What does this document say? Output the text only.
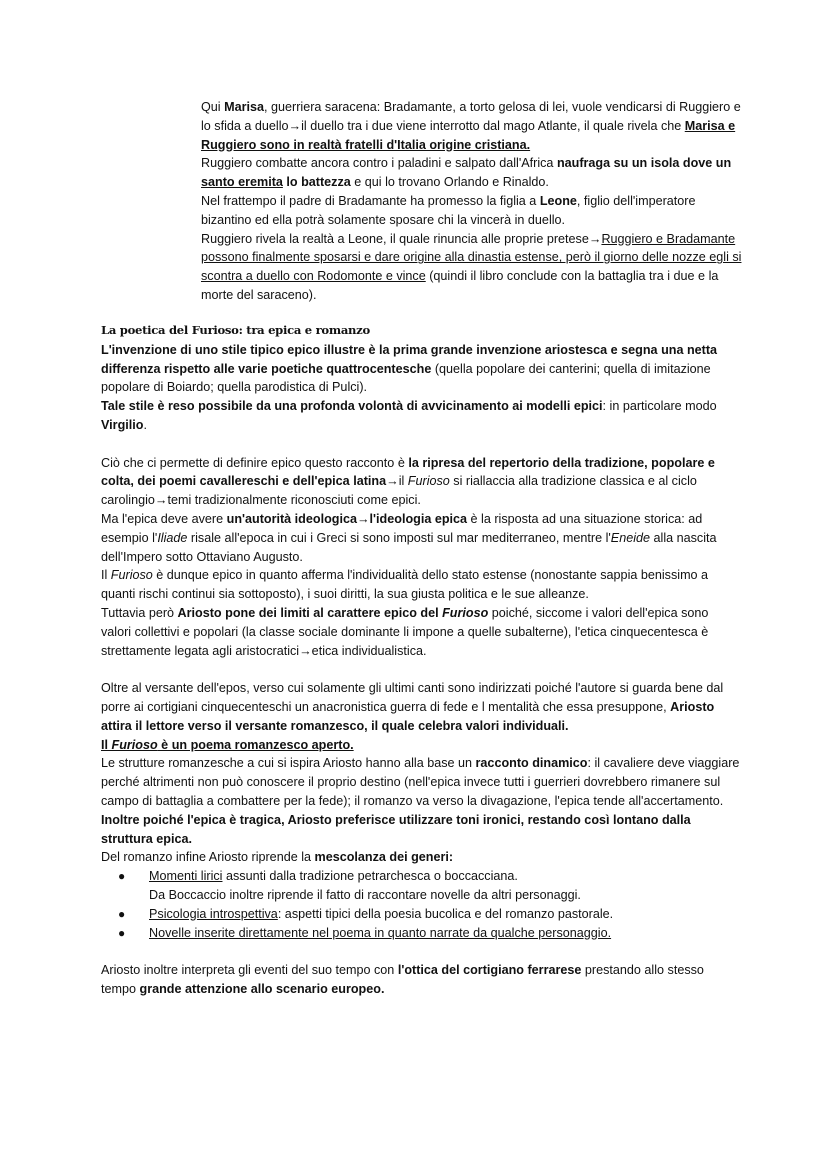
Qui Marisa, guerriera saracena: Bradamante, a torto gelosa di lei, vuole vendicarsi di Ruggiero e lo sfida a duello→il duello tra i due viene interrotto dal mago Atlante, il quale rivela che Marisa e Ruggiero sono in realtà fratelli d'Italia origine cristiana.

Ruggiero combatte ancora contro i paladini e salpato dall'Africa naufraga su un isola dove un santo eremita lo battezza e qui lo trovano Orlando e Rinaldo.

Nel frattempo il padre di Bradamante ha promesso la figlia a Leone, figlio dell'imperatore bizantino ed ella potrà solamente sposare chi la vincerà in duello.

Ruggiero rivela la realtà a Leone, il quale rinuncia alle proprie pretese→Ruggiero e Bradamante possono finalmente sposarsi e dare origine alla dinastia estense, però il giorno delle nozze egli si scontra a duello con Rodomonte e vince (quindi il libro conclude con la battaglia tra i due e la morte del saraceno).

La poetica del Furioso: tra epica e romanzo

L'invenzione di uno stile tipico epico illustre è la prima grande invenzione ariostesca e segna una netta differenza rispetto alle varie poetiche quattrocentesche (quella popolare dei canterini; quella di imitazione popolare di Boiardo; quella parodistica di Pulci).

Tale stile è reso possibile da una profonda volontà di avvicinamento ai modelli epici: in particolare modo Virgilio.

Ciò che ci permette di definire epico questo racconto è la ripresa del repertorio della tradizione, popolare e colta, dei poemi cavallereschi e dell'epica latina→il Furioso si riallaccia alla tradizione classica e al ciclo carolingio→temi tradizionalmente riconosciuti come epici.

Ma l'epica deve avere un'autorità ideologica→l'ideologia epica è la risposta ad una situazione storica: ad esempio l'Iliade risale all'epoca in cui i Greci si sono imposti sul mar mediterraneo, mentre l'Eneide alla nascita dell'Impero sotto Ottaviano Augusto.

Il Furioso è dunque epico in quanto afferma l'individualità dello stato estense (nonostante sappia benissimo a quanti rischi continui sia sottoposto), i suoi diritti, la sua giusta politica e le sue alleanze.

Tuttavia però Ariosto pone dei limiti al carattere epico del Furioso poiché, siccome i valori dell'epica sono valori collettivi e popolari (la classe sociale dominante li impone a quelle subalterne), l'etica cinquecentesca è strettamente legata agli aristocratici→etica individualistica.

Oltre al versante dell'epos, verso cui solamente gli ultimi canti sono indirizzati poiché l'autore si guarda bene dal porre ai cortigiani cinquecenteschi un anacronistica guerra di fede e l mentalità che essa presuppone, Ariosto attira il lettore verso il versante romanzesco, il quale celebra valori individuali.

Il Furioso è un poema romanzesco aperto.

Le strutture romanzesche a cui si ispira Ariosto hanno alla base un racconto dinamico: il cavaliere deve viaggiare perché altrimenti non può conoscere il proprio destino (nell'epica invece tutti i guerrieri dovrebbero rimanere sul campo di battaglia a combattere per la fede); il romanzo va verso la divagazione, l'epica tende all'accertamento.

Inoltre poiché l'epica è tragica, Ariosto preferisce utilizzare toni ironici, restando così lontano dalla struttura epica.

Del romanzo infine Ariosto riprende la mescolanza dei generi:

● Momenti lirici assunti dalla tradizione petrarchesca o boccacciana.
Da Boccaccio inoltre riprende il fatto di raccontare novelle da altri personaggi.
● Psicologia introspettiva: aspetti tipici della poesia bucolica e del romanzo pastorale.
● Novelle inserite direttamente nel poema in quanto narrate da qualche personaggio.

Ariosto inoltre interpreta gli eventi del suo tempo con l'ottica del cortigiano ferrarese prestando allo stesso tempo grande attenzione allo scenario europeo.
